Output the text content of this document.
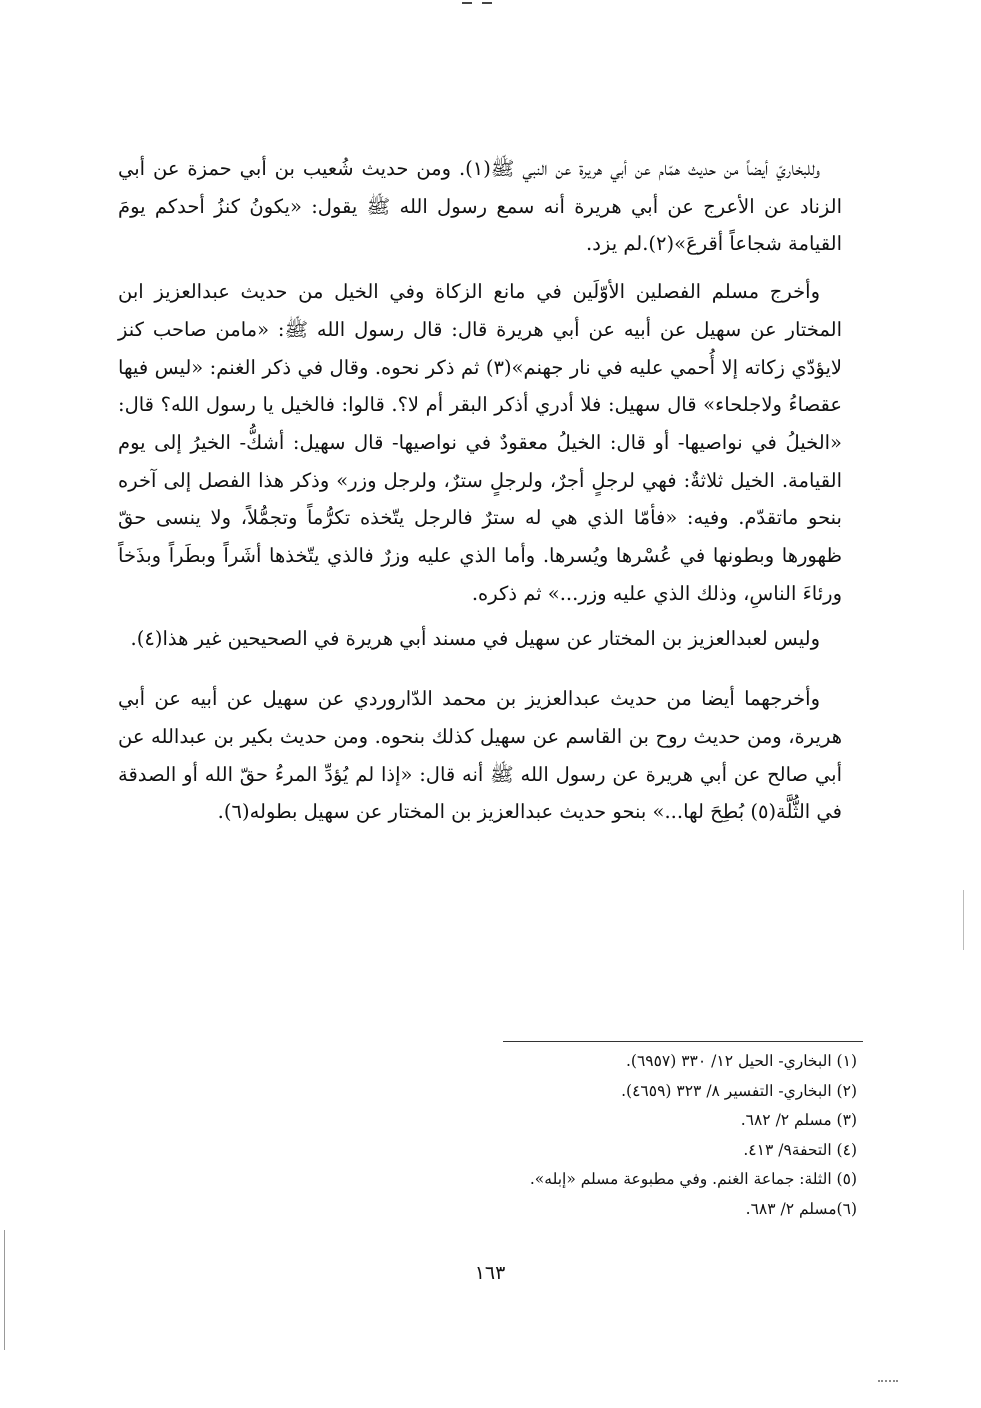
وللبخاريّ أيضاً من حديث همّام عن أبي هريرة عن النبي ﷺ(١). ومن حديث شُعيب بن أبي حمزة عن أبي الزناد عن الأعرج عن أبي هريرة أنه سمع رسول الله ﷺ يقول: «يكونُ كنزُ أحدكم يومَ القيامة شجاعاً أقرعَ»(٢).لم يزد.

وأخرج مسلم الفصلين الأوّلَين في مانع الزكاة وفي الخيل من حديث عبدالعزيز ابن المختار عن سهيل عن أبيه عن أبي هريرة قال: قال رسول الله ﷺ: «مامن صاحب كنز لايؤدّي زكاته إلا أُحمي عليه في نار جهنم»(٣) ثم ذكر نحوه. وقال في ذكر الغنم: «ليس فيها عقصاءُ ولاجلحاء» قال سهيل: فلا أدري أذكر البقر أم لا؟. قالوا: فالخيل يا رسول الله؟ قال: «الخيلُ في نواصيها- أو قال: الخيلُ معقودٌ في نواصيها- قال سهيل: أشكُّ- الخيرُ إلى يوم القيامة. الخيل ثلاثةٌ: فهي لرجلٍ أجرٌ، ولرجلٍ سترٌ، ولرجل وزر» وذكر هذا الفصل إلى آخره بنحو ماتقدّم. وفيه: «فأمّا الذي هي له سترٌ فالرجل يتّخذه تكرُّماً وتجمُّلاً، ولا ينسى حقّ ظهورها وبطونها في عُسْرها ويُسرها. وأما الذي عليه وزرٌ فالذي يتّخذها أشَراً وبطَراً وبذَخاً ورئاءَ الناسِ، وذلك الذي عليه وزر...» ثم ذكره.

وليس لعبدالعزيز بن المختار عن سهيل في مسند أبي هريرة في الصحيحين غير هذا(٤).

وأخرجهما أيضا من حديث عبدالعزيز بن محمد الدّاروردي عن سهيل عن أبيه عن أبي هريرة، ومن حديث روح بن القاسم عن سهيل كذلك بنحوه. ومن حديث بكير بن عبدالله عن أبي صالح عن أبي هريرة عن رسول الله ﷺ أنه قال: «إذا لم يُؤدِّ المرءُ حقّ الله أو الصدقة في الثُّلَّة(٥) بُطِحَ لها...» بنحو حديث عبدالعزيز بن المختار عن سهيل بطوله(٦).

(١) البخاري- الحيل ١٢/ ٣٣٠ (٦٩٥٧).

(٢) البخاري- التفسير ٨/ ٣٢٣ (٤٦٥٩).

(٣) مسلم ٢/ ٦٨٢.

(٤) التحفة٩/ ٤١٣.

(٥) الثلة: جماعة الغنم. وفي مطبوعة مسلم «إبله».

(٦)مسلم ٢/ ٦٨٣.

١٦٣
